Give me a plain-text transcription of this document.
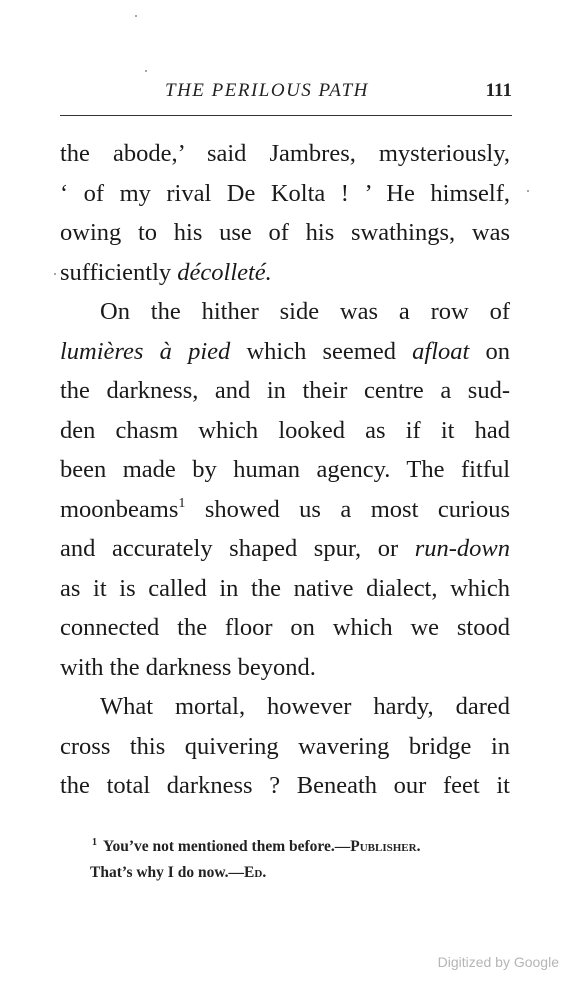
THE PERILOUS PATH	111
the abode,’ said Jambres, mysteriously,
‘ of my rival De Kolta ! ’ He himself,
owing to his use of his swathings, was
sufficiently décolleté.
On the hither side was a row of
lumières à pied which seemed afloat on
the darkness, and in their centre a sud-
den chasm which looked as if it had
been made by human agency. The fitful
moonbeams$^1$ showed us a most curious
and accurately shaped spur, or run-down
as it is called in the native dialect, which
connected the floor on which we stood
with the darkness beyond.
What mortal, however hardy, dared
cross this quivering wavering bridge in
the total darkness ? Beneath our feet it
$^1$ You’ve not mentioned them before.—Publisher.
That’s why I do now.—Ed.
Digitized by Google
